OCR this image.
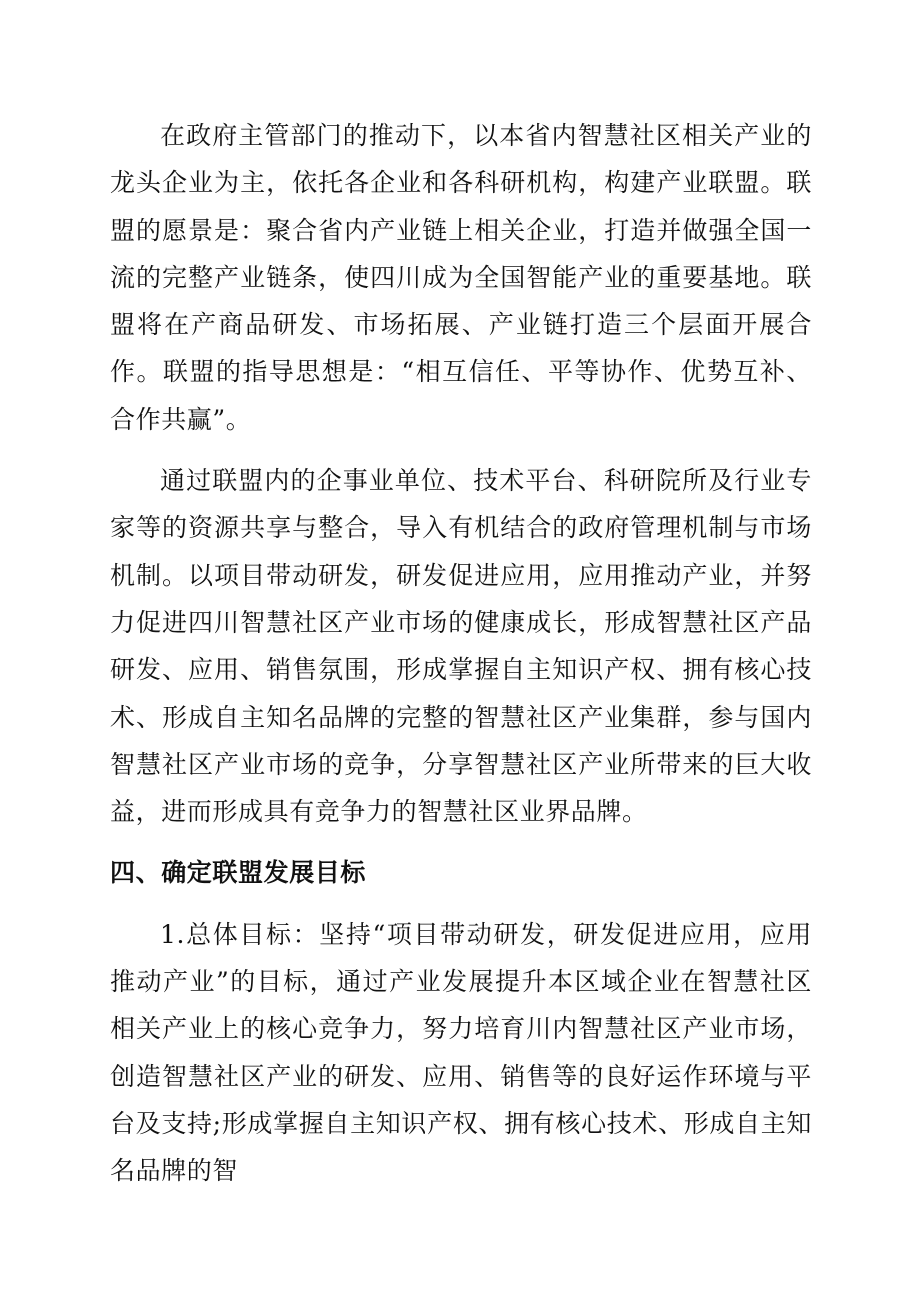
在政府主管部门的推动下，以本省内智慧社区相关产业的龙头企业为主，依托各企业和各科研机构，构建产业联盟。联盟的愿景是：聚合省内产业链上相关企业，打造并做强全国一流的完整产业链条，使四川成为全国智能产业的重要基地。联盟将在产商品研发、市场拓展、产业链打造三个层面开展合作。联盟的指导思想是：“相互信任、平等协作、优势互补、合作共赢”。

通过联盟内的企事业单位、技术平台、科研院所及行业专家等的资源共享与整合，导入有机结合的政府管理机制与市场机制。以项目带动研发，研发促进应用，应用推动产业，并努力促进四川智慧社区产业市场的健康成长，形成智慧社区产品研发、应用、销售氛围，形成掌握自主知识产权、拥有核心技术、形成自主知名品牌的完整的智慧社区产业集群，参与国内智慧社区产业市场的竞争，分享智慧社区产业所带来的巨大收益，进而形成具有竞争力的智慧社区业界品牌。

四、确定联盟发展目标

1.总体目标：坚持“项目带动研发，研发促进应用，应用推动产业”的目标，通过产业发展提升本区域企业在智慧社区相关产业上的核心竞争力，努力培育川内智慧社区产业市场，创造智慧社区产业的研发、应用、销售等的良好运作环境与平台及支持;形成掌握自主知识产权、拥有核心技术、形成自主知名品牌的智
